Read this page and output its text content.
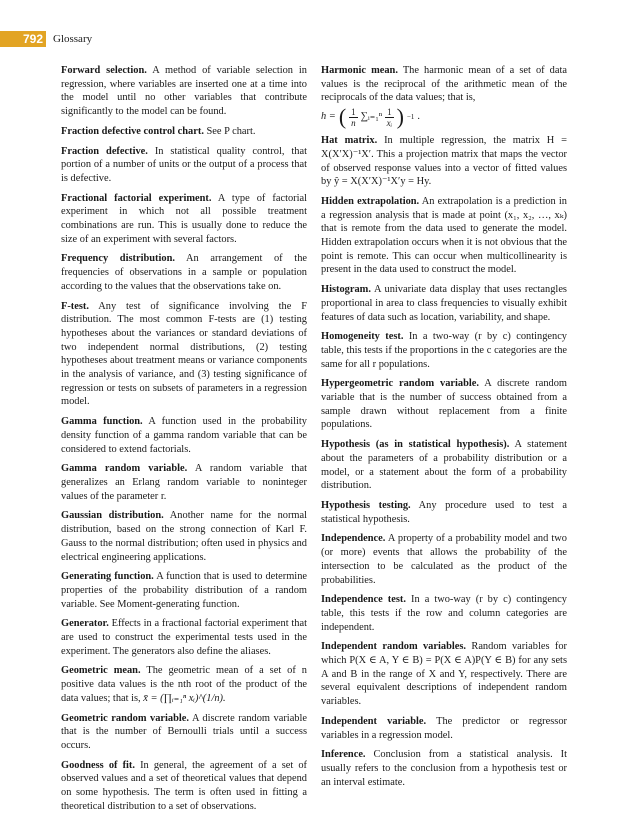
792 Glossary

Forward selection. A method of variable selection in regression, where variables are inserted one at a time into the model until no other variables that contribute significantly to the model can be found.

Fraction defective control chart. See P chart.

Fraction defective. In statistical quality control, that portion of a number of units or the output of a process that is defective.

Fractional factorial experiment. A type of factorial experiment in which not all possible treatment combinations are run. This is usually done to reduce the size of an experiment with several factors.

Frequency distribution. An arrangement of the frequencies of observations in a sample or population according to the values that the observations take on.

F-test. Any test of significance involving the F distribution. The most common F-tests are (1) testing hypotheses about the variances or standard deviations of two independent normal distributions, (2) testing hypotheses about treatment means or variance components in the analysis of variance, and (3) testing significance of regression or tests on subsets of parameters in a regression model.

Gamma function. A function used in the probability density function of a gamma random variable that can be considered to extend factorials.

Gamma random variable. A random variable that generalizes an Erlang random variable to noninteger values of the parameter r.

Gaussian distribution. Another name for the normal distribution, based on the strong connection of Karl F. Gauss to the normal distribution; often used in physics and electrical engineering applications.

Generating function. A function that is used to determine properties of the probability distribution of a random variable. See Moment-generating function.

Generator. Effects in a fractional factorial experiment that are used to construct the experimental tests used in the experiment. The generators also define the aliases.

Geometric mean. The geometric mean of a set of n positive data values is the nth root of the product of the data values; that is, x̄ = (∏ᵢ₌₁ⁿ xᵢ)^(1/n).

Geometric random variable. A discrete random variable that is the number of Bernoulli trials until a success occurs.

Goodness of fit. In general, the agreement of a set of observed values and a set of theoretical values that depend on some hypothesis. The term is often used in fitting a theoretical distribution to a set of observations.

Harmonic mean. The harmonic mean of a set of data values is the reciprocal of the arithmetic mean of the reciprocals of the data values; that is,
h = ( $\frac{1}{n}$ ∑ᵢ₌₁ⁿ $\frac{1}{\text{xᵢ}}$ ) −1 .

Hat matrix. In multiple regression, the matrix H = X(X′X)⁻¹X′. This a projection matrix that maps the vector of observed response values into a vector of fitted values by ŷ = X(X′X)⁻¹X′y = Hy.

Hidden extrapolation. An extrapolation is a prediction in a regression analysis that is made at point (x₁, x₂, …, xₖ) that is remote from the data used to generate the model. Hidden extrapolation occurs when it is not obvious that the point is remote. This can occur when multicollinearity is present in the data used to construct the model.

Histogram. A univariate data display that uses rectangles proportional in area to class frequencies to visually exhibit features of data such as location, variability, and shape.

Homogeneity test. In a two-way (r by c) contingency table, this tests if the proportions in the c categories are the same for all r populations.

Hypergeometric random variable. A discrete random variable that is the number of success obtained from a sample drawn without replacement from a finite populations.

Hypothesis (as in statistical hypothesis). A statement about the parameters of a probability distribution or a model, or a statement about the form of a probability distribution.

Hypothesis testing. Any procedure used to test a statistical hypothesis.

Independence. A property of a probability model and two (or more) events that allows the probability of the intersection to be calculated as the product of the probabilities.

Independence test. In a two-way (r by c) contingency table, this tests if the row and column categories are independent.

Independent random variables. Random variables for which P(X ∈ A, Y ∈ B) = P(X ∈ A)P(Y ∈ B) for any sets A and B in the range of X and Y, respectively. There are several equivalent descriptions of independent random variables.

Independent variable. The predictor or regressor variables in a regression model.

Inference. Conclusion from a statistical analysis. It usually refers to the conclusion from a hypothesis test or an interval estimate.
